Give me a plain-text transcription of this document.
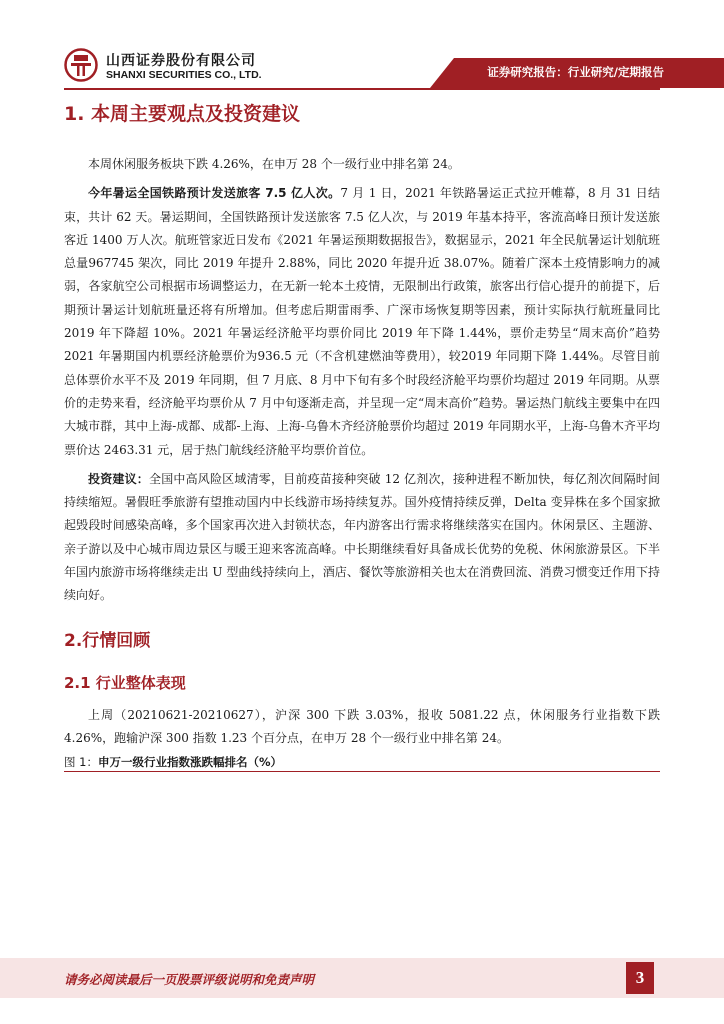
山西证券股份有限公司
SHANXI SECURITIES CO., LTD.	证券研究报告：行业研究/定期报告
1. 本周主要观点及投资建议

本周休闲服务板块下跌 4.26%，在申万 28 个一级行业中排名第 24。

今年暑运全国铁路预计发送旅客 7.5 亿人次。7 月 1 日，2021 年铁路暑运正式拉开帷幕，8 月 31 日结束，共计 62 天。暑运期间，全国铁路预计发送旅客 7.5 亿人次，与 2019 年基本持平，客流高峰日预计发送旅客近 1400 万人次。航班管家近日发布《2021 年暑运预期数据报告》，数据显示，2021 年全民航暑运计划航班总量967745 架次，同比 2019 年提升 2.88%，同比 2020 年提升近 38.07%。随着广深本土疫情影响力的减弱，各家航空公司根据市场调整运力，在无新一轮本土疫情，无限制出行政策，旅客出行信心提升的前提下，后期预计暑运计划航班量还将有所增加。但考虑后期雷雨季、广深市场恢复期等因素，预计实际执行航班量同比 2019 年下降超 10%。2021 年暑运经济舱平均票价同比 2019 年下降 1.44%，票价走势呈“周末高价”趋势 2021 年暑期国内机票经济舱票价为936.5 元（不含机建燃油等费用），较2019 年同期下降 1.44%。尽管目前总体票价水平不及 2019 年同期，但 7 月底、8 月中下旬有多个时段经济舱平均票价均超过 2019 年同期。从票价的走势来看，经济舱平均票价从 7 月中旬逐渐走高，并呈现一定“周末高价”趋势。暑运热门航线主要集中在四大城市群，其中上海-成都、成都-上海、上海-乌鲁木齐经济舱票价均超过 2019 年同期水平，上海-乌鲁木齐平均票价达 2463.31 元，居于热门航线经济舱平均票价首位。

投资建议：全国中高风险区域清零，目前疫苗接种突破 12 亿剂次，接种进程不断加快，每亿剂次间隔时间持续缩短。暑假旺季旅游有望推动国内中长线游市场持续复苏。国外疫情持续反弹，Delta 变异株在多个国家掀起毁段时间感染高峰，多个国家再次进入封锁状态，年内游客出行需求将继续落实在国内。休闲景区、主题游、亲子游以及中心城市周边景区与暖王迎来客流高峰。中长期继续看好具备成长优势的免税、休闲旅游景区。下半年国内旅游市场将继续走出 U 型曲线持续向上，酒店、餐饮等旅游相关也太在消费回流、消费习惯变迁作用下持续向好。

2.行情回顾
2.1 行业整体表现

上周（20210621-20210627），沪深 300 下跌 3.03%，报收 5081.22 点，休闲服务行业指数下跌 4.26%，跑输沪深 300 指数 1.23 个百分点，在申万 28 个一级行业中排名第 24。

图 1：申万一级行业指数涨跌幅排名（%）
请务必阅读最后一页股票评级说明和免责声明	3
